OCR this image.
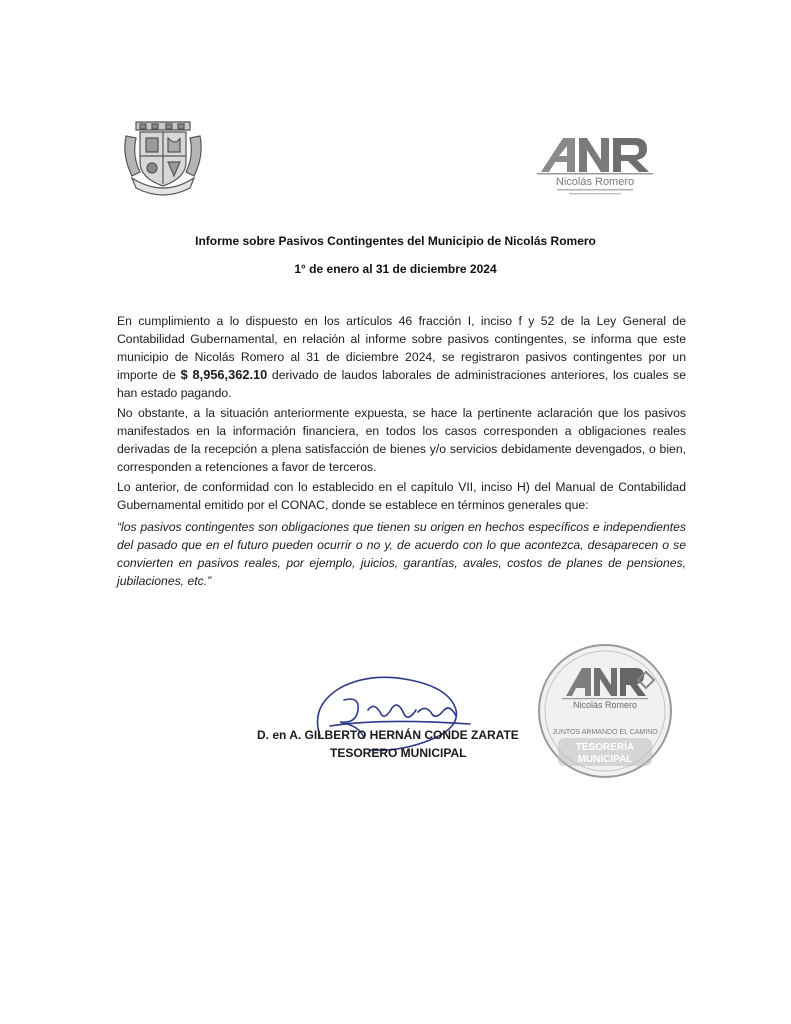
Nicolás Romero

Informe sobre Pasivos Contingentes del Municipio de Nicolás Romero

1° de enero al 31 de diciembre 2024

En cumplimiento a lo dispuesto en los artículos 46 fracción I, inciso f y 52 de la Ley General de Contabilidad Gubernamental, en relación al informe sobre pasivos contingentes, se informa que este municipio de Nicolás Romero al 31 de diciembre 2024, se registraron pasivos contingentes por un importe de $ 8,956,362.10 derivado de laudos laborales de administraciones anteriores, los cuales se han estado pagando.

No obstante, a la situación anteriormente expuesta, se hace la pertinente aclaración que los pasivos manifestados en la información financiera, en todos los casos corresponden a obligaciones reales derivadas de la recepción a plena satisfacción de bienes y/o servicios debidamente devengados, o bien, corresponden a retenciones a favor de terceros.

Lo anterior, de conformidad con lo establecido en el capítulo VII, inciso H) del Manual de Contabilidad Gubernamental emitido por el CONAC, donde se establece en términos generales que:

“los pasivos contingentes son obligaciones que tienen su origen en hechos específicos e independientes del pasado que en el futuro pueden ocurrir o no y, de acuerdo con lo que acontezca, desaparecen o se convierten en pasivos reales, por ejemplo, juicios, garantías, avales, costos de planes de pensiones, jubilaciones, etc.”

D. en A. GILBERTO HERNÁN CONDE ZARATE

TESORERO MUNICIPAL

Nicolás Romero
JUNTOS ARMANDO EL CAMINO
TESORERÍA MUNICIPAL
